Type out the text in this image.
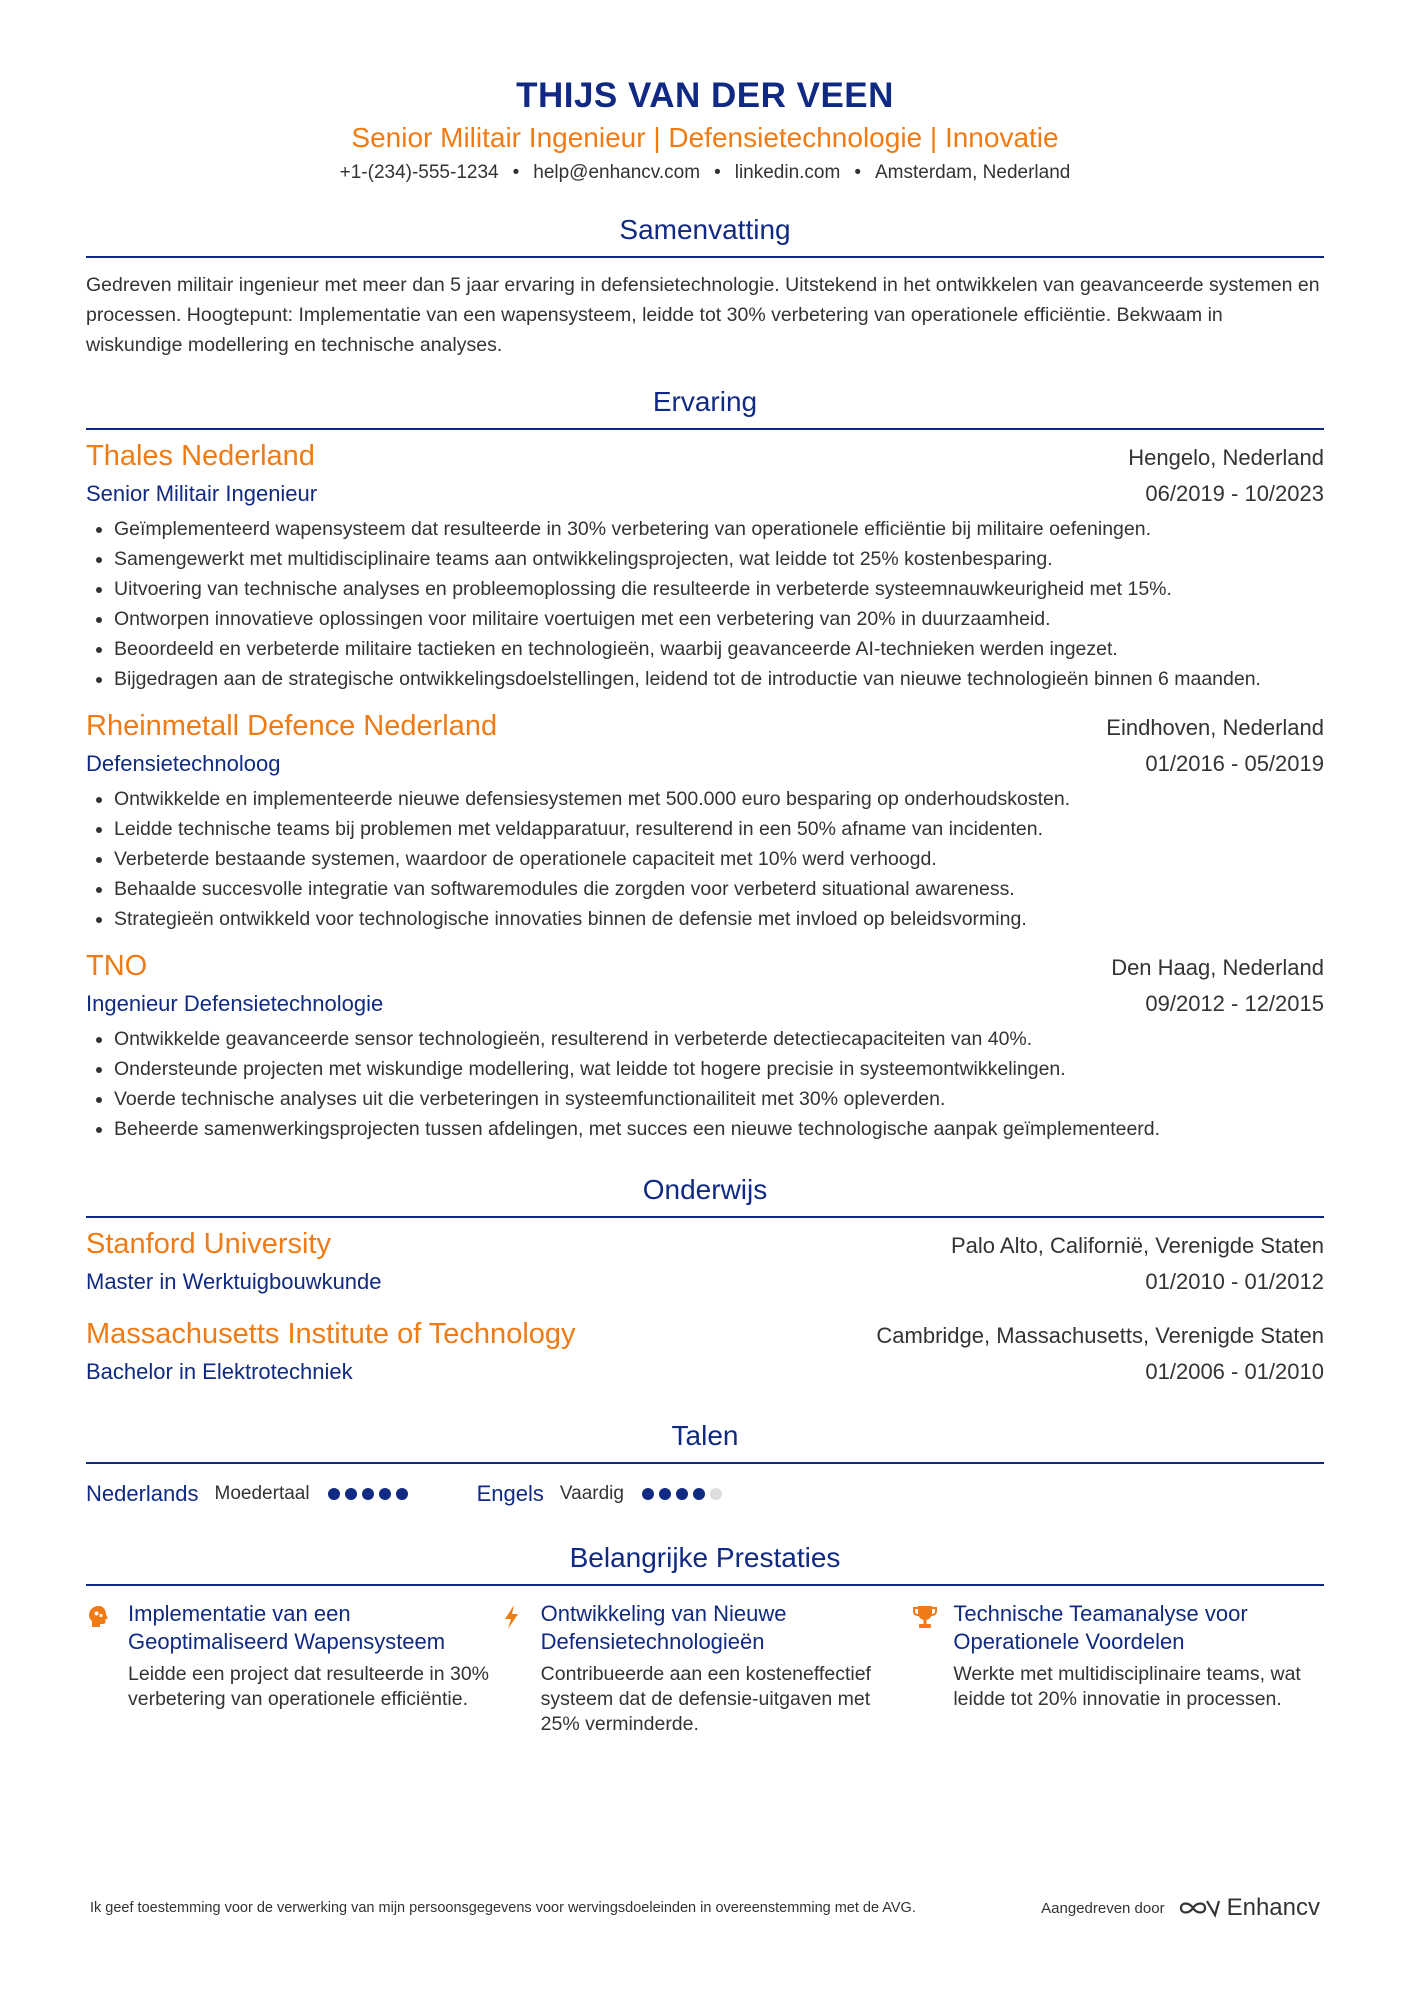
THIJS VAN DER VEEN
Senior Militair Ingenieur | Defensietechnologie | Innovatie
+1-(234)-555-1234 • help@enhancv.com • linkedin.com • Amsterdam, Nederland
Samenvatting
Gedreven militair ingenieur met meer dan 5 jaar ervaring in defensietechnologie. Uitstekend in het ontwikkelen van geavanceerde systemen en processen. Hoogtepunt: Implementatie van een wapensysteem, leidde tot 30% verbetering van operationele efficiëntie. Bekwaam in wiskundige modellering en technische analyses.
Ervaring
Thales Nederland	Hengelo, Nederland
Senior Militair Ingenieur	06/2019 - 10/2023
• Geïmplementeerd wapensysteem dat resulteerde in 30% verbetering van operationele efficiëntie bij militaire oefeningen.
• Samengewerkt met multidisciplinaire teams aan ontwikkelingsprojecten, wat leidde tot 25% kostenbesparing.
• Uitvoering van technische analyses en probleemoplossing die resulteerde in verbeterde systeemnauwkeurigheid met 15%.
• Ontworpen innovatieve oplossingen voor militaire voertuigen met een verbetering van 20% in duurzaamheid.
• Beoordeeld en verbeterde militaire tactieken en technologieën, waarbij geavanceerde AI-technieken werden ingezet.
• Bijgedragen aan de strategische ontwikkelingsdoelstellingen, leidend tot de introductie van nieuwe technologieën binnen 6 maanden.
Rheinmetall Defence Nederland	Eindhoven, Nederland
Defensietechnoloog	01/2016 - 05/2019
• Ontwikkelde en implementeerde nieuwe defensiesystemen met 500.000 euro besparing op onderhoudskosten.
• Leidde technische teams bij problemen met veldapparatuur, resulterend in een 50% afname van incidenten.
• Verbeterde bestaande systemen, waardoor de operationele capaciteit met 10% werd verhoogd.
• Behaalde succesvolle integratie van softwaremodules die zorgden voor verbeterd situational awareness.
• Strategieën ontwikkeld voor technologische innovaties binnen de defensie met invloed op beleidsvorming.
TNO	Den Haag, Nederland
Ingenieur Defensietechnologie	09/2012 - 12/2015
• Ontwikkelde geavanceerde sensor technologieën, resulterend in verbeterde detectiecapaciteiten van 40%.
• Ondersteunde projecten met wiskundige modellering, wat leidde tot hogere precisie in systeemontwikkelingen.
• Voerde technische analyses uit die verbeteringen in systeemfunctionailiteit met 30% opleverden.
• Beheerde samenwerkingsprojecten tussen afdelingen, met succes een nieuwe technologische aanpak geïmplementeerd.
Onderwijs
Stanford University	Palo Alto, Californië, Verenigde Staten
Master in Werktuigbouwkunde	01/2010 - 01/2012
Massachusetts Institute of Technology	Cambridge, Massachusetts, Verenigde Staten
Bachelor in Elektrotechniek	01/2006 - 01/2010
Talen
Nederlands Moedertaal	Engels Vaardig
Belangrijke Prestaties
Implementatie van een Geoptimaliseerd Wapensysteem
Leidde een project dat resulteerde in 30% verbetering van operationele efficiëntie.
Ontwikkeling van Nieuwe Defensietechnologieën
Contribueerde aan een kosteneffectief systeem dat de defensie-uitgaven met 25% verminderde.
Technische Teamanalyse voor Operationele Voordelen
Werkte met multidisciplinaire teams, wat leidde tot 20% innovatie in processen.
Ik geef toestemming voor de verwerking van mijn persoonsgegevens voor wervingsdoeleinden in overeenstemming met de AVG.	Aangedreven door	Enhancv
